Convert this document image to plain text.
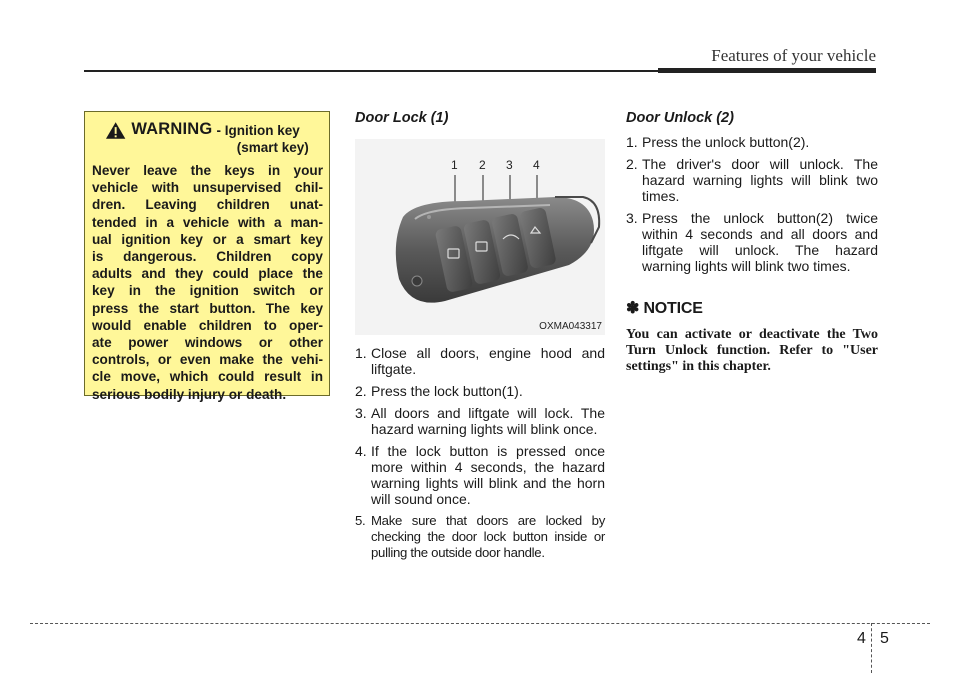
Features of your vehicle
WARNING - Ignition key
(smart key)
Never leave the keys in your
vehicle with unsupervised chil-
dren. Leaving children unat-
tended in a vehicle with a man-
ual ignition key or a smart key
is dangerous. Children copy
adults and they could place the
key in the ignition switch or
press the start button. The key
would enable children to oper-
ate power windows or other
controls, or even make the vehi-
cle move, which could result in
serious bodily injury or death.
Door Lock (1)
1 2 3 4
OXMA043317
1. Close all doors, engine hood and liftgate.
2. Press the lock button(1).
3. All doors and liftgate will lock. The hazard warning lights will blink once.
4. If the lock button is pressed once more within 4 seconds, the hazard warning lights will blink and the horn will sound once.
5. Make sure that doors are locked by checking the door lock button inside or pulling the outside door handle.
Door Unlock (2)
1. Press the unlock button(2).
2. The driver's door will unlock. The hazard warning lights will blink two times.
3. Press the unlock button(2) twice within 4 seconds and all doors and liftgate will unlock. The hazard warning lights will blink two times.
✽ NOTICE
You can activate or deactivate the Two Turn Unlock function. Refer to "User settings" in this chapter.
4 5
